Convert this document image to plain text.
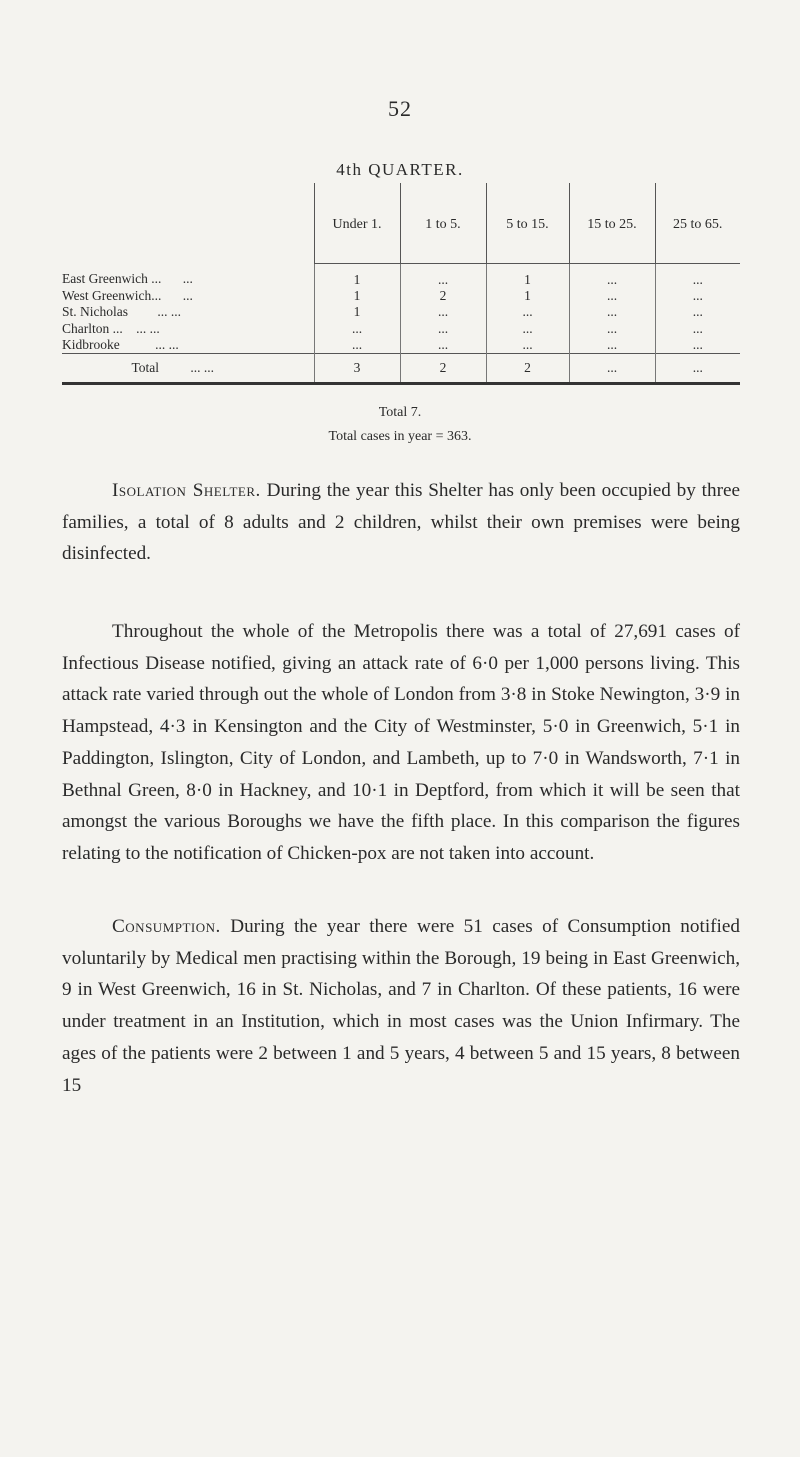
52
4th QUARTER.
	Under 1.	1 to 5.	5 to 15.	15 to 25.	25 to 65.
East Greenwich ... ...	1	...	1	...	...
West Greenwich... ...	1	2	1	...	...
St. Nicholas ... ...	1	...	...	...	...
Charlton ... ... ...	...	...	...	...	...
Kidbrooke ... ...	...	...	...	...	...
Total ... ...	3	2	2	...	...
Total 7.
Total cases in year = 363.

Isolation Shelter. During the year this Shelter has only been occupied by three families, a total of 8 adults and 2 children, whilst their own premises were being disinfected.

Throughout the whole of the Metropolis there was a total of 27,691 cases of Infectious Disease notified, giving an attack rate of 6·0 per 1,000 persons living. This attack rate varied through out the whole of London from 3·8 in Stoke Newington, 3·9 in Hampstead, 4·3 in Kensington and the City of Westminster, 5·0 in Greenwich, 5·1 in Paddington, Islington, City of London, and Lambeth, up to 7·0 in Wandsworth, 7·1 in Bethnal Green, 8·0 in Hackney, and 10·1 in Deptford, from which it will be seen that amongst the various Boroughs we have the fifth place. In this comparison the figures relating to the notification of Chicken-pox are not taken into account.

Consumption. During the year there were 51 cases of Consumption notified voluntarily by Medical men practising within the Borough, 19 being in East Greenwich, 9 in West Greenwich, 16 in St. Nicholas, and 7 in Charlton. Of these patients, 16 were under treatment in an Institution, which in most cases was the Union Infirmary. The ages of the patients were 2 between 1 and 5 years, 4 between 5 and 15 years, 8 between 15
